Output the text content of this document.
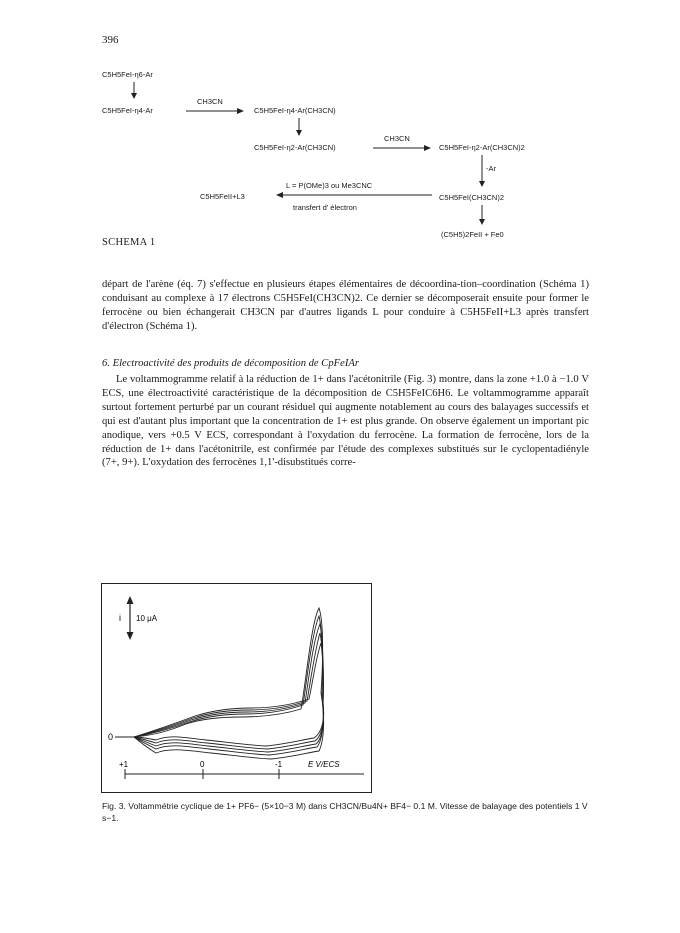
396
C5H5FeI-η6-Ar
C5H5FeI-η4-Ar
CH3CN
C5H5FeI-η4-Ar(CH3CN)
C5H5FeI-η2-Ar(CH3CN)
CH3CN
C5H5FeI-η2-Ar(CH3CN)2
-Ar
C5H5FeI(CH3CN)2
L = P(OMe)3 ou Me3CNC
transfert d' électron
C5H5FeII+L3
(C5H5)2FeII + Fe0
SCHEMA 1

départ de l'arène (éq. 7) s'effectue en plusieurs étapes élémentaires de décoordina-tion–coordination (Schéma 1) conduisant au complexe à 17 électrons C5H5FeI(CH3CN)2. Ce dernier se décomposerait ensuite pour former le ferrocène ou bien échangerait CH3CN par d'autres ligands L pour conduire à C5H5FeII+L3 après transfert d'électron (Schéma 1).

6. Electroactivité des produits de décomposition de CpFeIAr

Le voltammogramme relatif à la réduction de 1+ dans l'acétonitrile (Fig. 3) montre, dans la zone +1.0 à −1.0 V ECS, une électroactivité caractéristique de la décomposition de C5H5FeIC6H6. Le voltammogramme apparaît surtout fortement perturbé par un courant résiduel qui augmente notablement au cours des balayages successifs et qui est d'autant plus important que la concentration de 1+ est plus grande. On observe également un important pic anodique, vers +0.5 V ECS, correspondant à l'oxydation du ferrocène. La formation de ferrocène, lors de la réduction de 1+ dans l'acétonitrile, est confirmée par l'étude des complexes substitués sur le cyclopentadiényle (7+, 9+). L'oxydation des ferrocènes 1,1'-disubstitués corre-

i 10 μA
0
+1	0	-1	E V/ECS
Fig. 3. Voltammétrie cyclique de 1+ PF6− (5×10−3 M) dans CH3CN/Bu4N+ BF4− 0.1 M. Vitesse de balayage des potentiels 1 V s−1.
